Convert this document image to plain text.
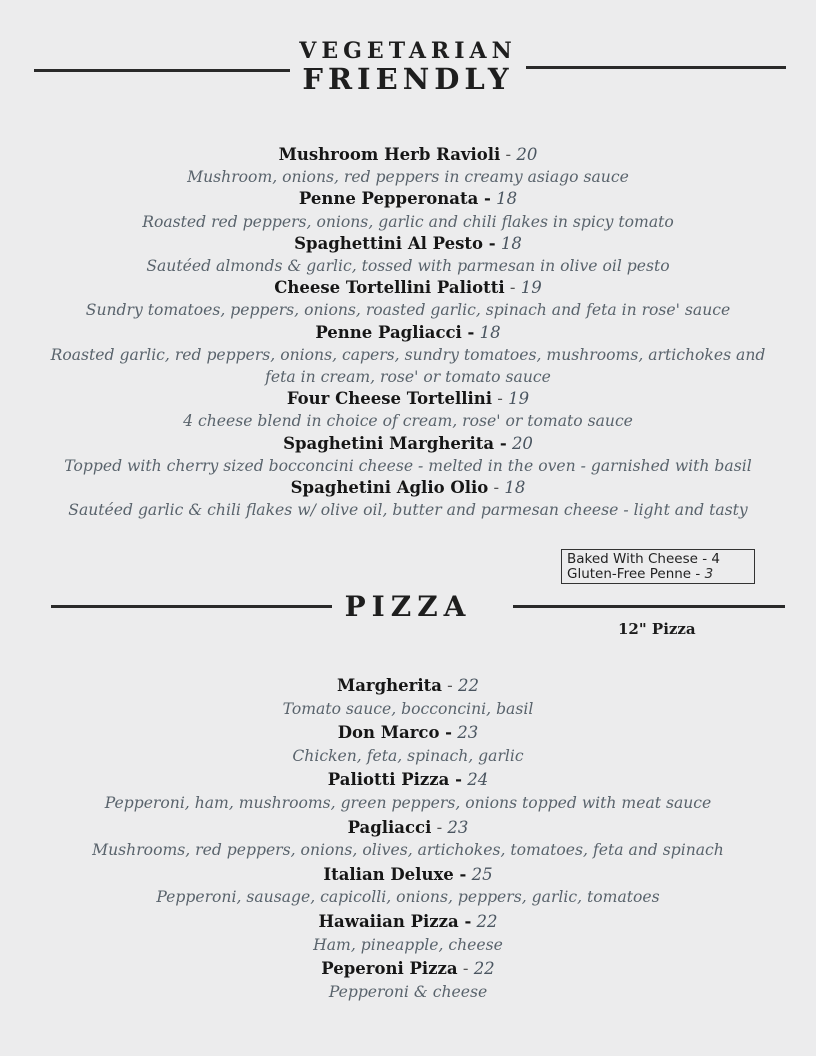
VEGETARIAN
FRIENDLY
Mushroom Herb Ravioli - 20
Mushroom, onions, red peppers in creamy asiago sauce
Penne Pepperonata - 18
Roasted red peppers, onions, garlic and chili flakes in spicy tomato
Spaghettini Al Pesto - 18
Sautéed almonds & garlic, tossed with parmesan in olive oil pesto
Cheese Tortellini Paliotti - 19
Sundry tomatoes, peppers, onions, roasted garlic, spinach and feta in rose' sauce
Penne Pagliacci - 18
Roasted garlic, red peppers, onions, capers, sundry tomatoes, mushrooms, artichokes and feta in cream, rose' or tomato sauce
Four Cheese Tortellini - 19
4 cheese blend in choice of cream, rose' or tomato sauce
Spaghetini Margherita - 20
Topped with cherry sized bocconcini cheese - melted in the oven - garnished with basil
Spaghetini Aglio Olio - 18
Sautéed garlic & chili flakes w/ olive oil, butter and parmesan cheese - light and tasty
Baked With Cheese - 4
Gluten-Free Penne - 3
PIZZA
12" Pizza
Margherita - 22
Tomato sauce, bocconcini, basil
Don Marco - 23
Chicken, feta, spinach, garlic
Paliotti Pizza - 24
Pepperoni, ham, mushrooms, green peppers, onions topped with meat sauce
Pagliacci - 23
Mushrooms, red peppers, onions, olives, artichokes, tomatoes, feta and spinach
Italian Deluxe - 25
Pepperoni, sausage, capicolli, onions, peppers, garlic, tomatoes
Hawaiian Pizza - 22
Ham, pineapple, cheese
Peperoni Pizza - 22
Pepperoni & cheese
